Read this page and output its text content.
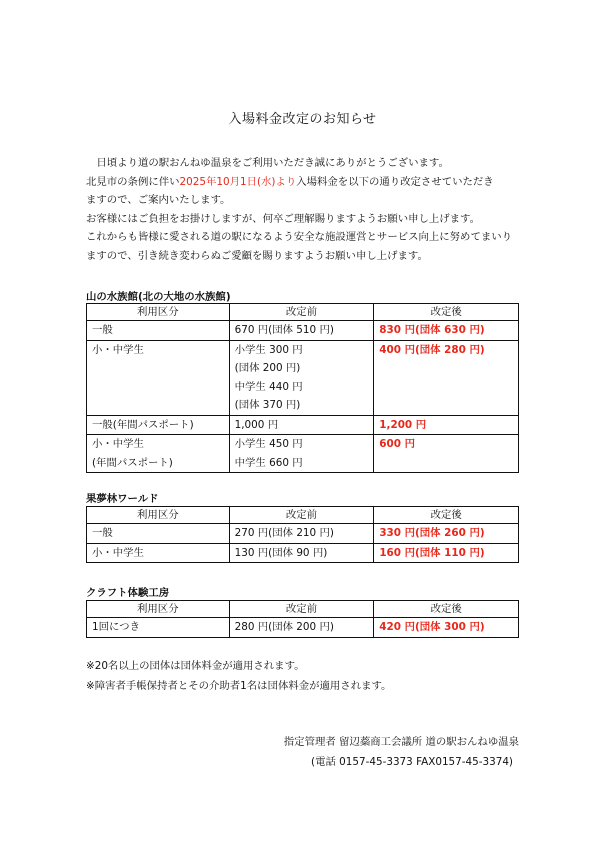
入場料金改定のお知らせ

 日頃より道の駅おんねゆ温泉をご利用いただき誠にありがとうございます。

北見市の条例に伴い2025年10月1日(水)より入場料金を以下の通り改定させていただき

ますので、ご案内いたします。

お客様にはご負担をお掛けしますが、何卒ご理解賜りますようお願い申し上げます。

これからも皆様に愛される道の駅になるよう安全な施設運営とサービス向上に努めてまいり

ますので、引き続き変わらぬご愛顧を賜りますようお願い申し上げます。

山の水族館(北の大地の水族館)
利用区分	改定前	改定後

一般	670 円(団体 510 円)	830 円(団体 630 円)

小・中学生	小学生 300 円
(団体 200 円)
中学生 440 円
(団体 370 円)	400 円(団体 280 円)

一般(年間パスポート)	1,000 円	1,200 円

小・中学生
(年間パスポート)	小学生 450 円
中学生 660 円	600 円
果夢林ワールド
利用区分	改定前	改定後

一般	270 円(団体 210 円)	330 円(団体 260 円)

小・中学生	130 円(団体 90 円)	160 円(団体 110 円)
クラフト体験工房
利用区分	改定前	改定後

1回につき	280 円(団体 200 円)	420 円(団体 300 円)

※20名以上の団体は団体料金が適用されます。

※障害者手帳保持者とその介助者1名は団体料金が適用されます。

指定管理者 留辺蘂商工会議所 道の駅おんねゆ温泉

(電話 0157-45-3373 FAX0157-45-3374)
